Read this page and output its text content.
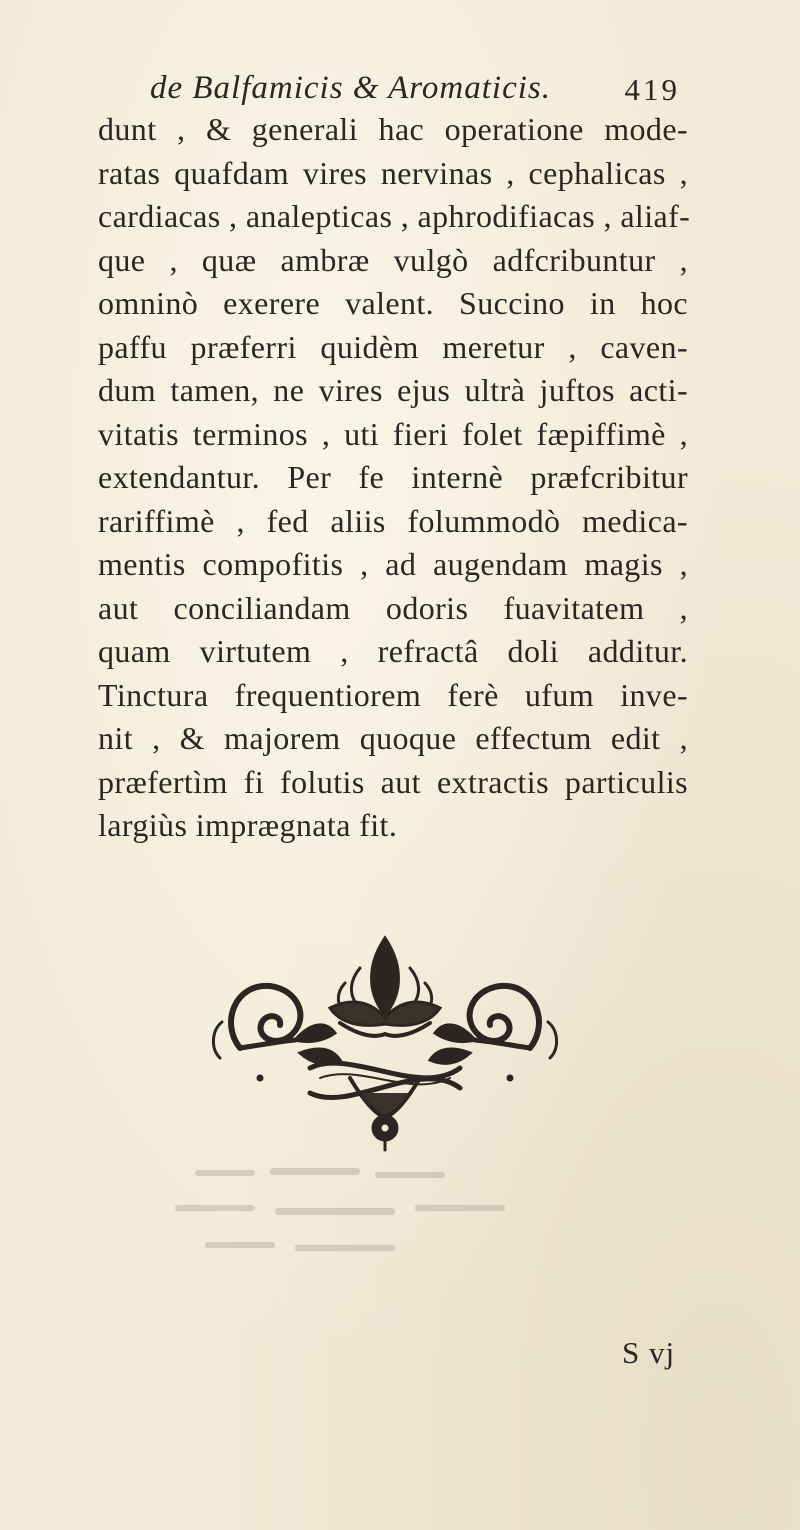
de Balfamicis & Aromaticis. 419
dunt , & generali hac operatione mode-
ratas quafdam vires nervinas , cephalicas ,
cardiacas , analepticas , aphrodifiacas , aliaf-
que , quæ ambræ vulgò adfcribuntur ,
omninò exerere valent. Succino in hoc
paffu præferri quidèm meretur , caven-
dum tamen, ne vires ejus ultrà juftos acti-
vitatis terminos , uti fieri folet fæpiffimè ,
extendantur. Per fe internè præfcribitur
rariffimè , fed aliis folummodò medica-
mentis compofitis , ad augendam magis ,
aut conciliandam odoris fuavitatem ,
quam virtutem , refractâ doli additur.
Tinctura frequentiorem ferè ufum inve-
nit , & majorem quoque effectum edit ,
præfertìm fi folutis aut extractis particulis
largiùs imprægnata fit.
S vj
